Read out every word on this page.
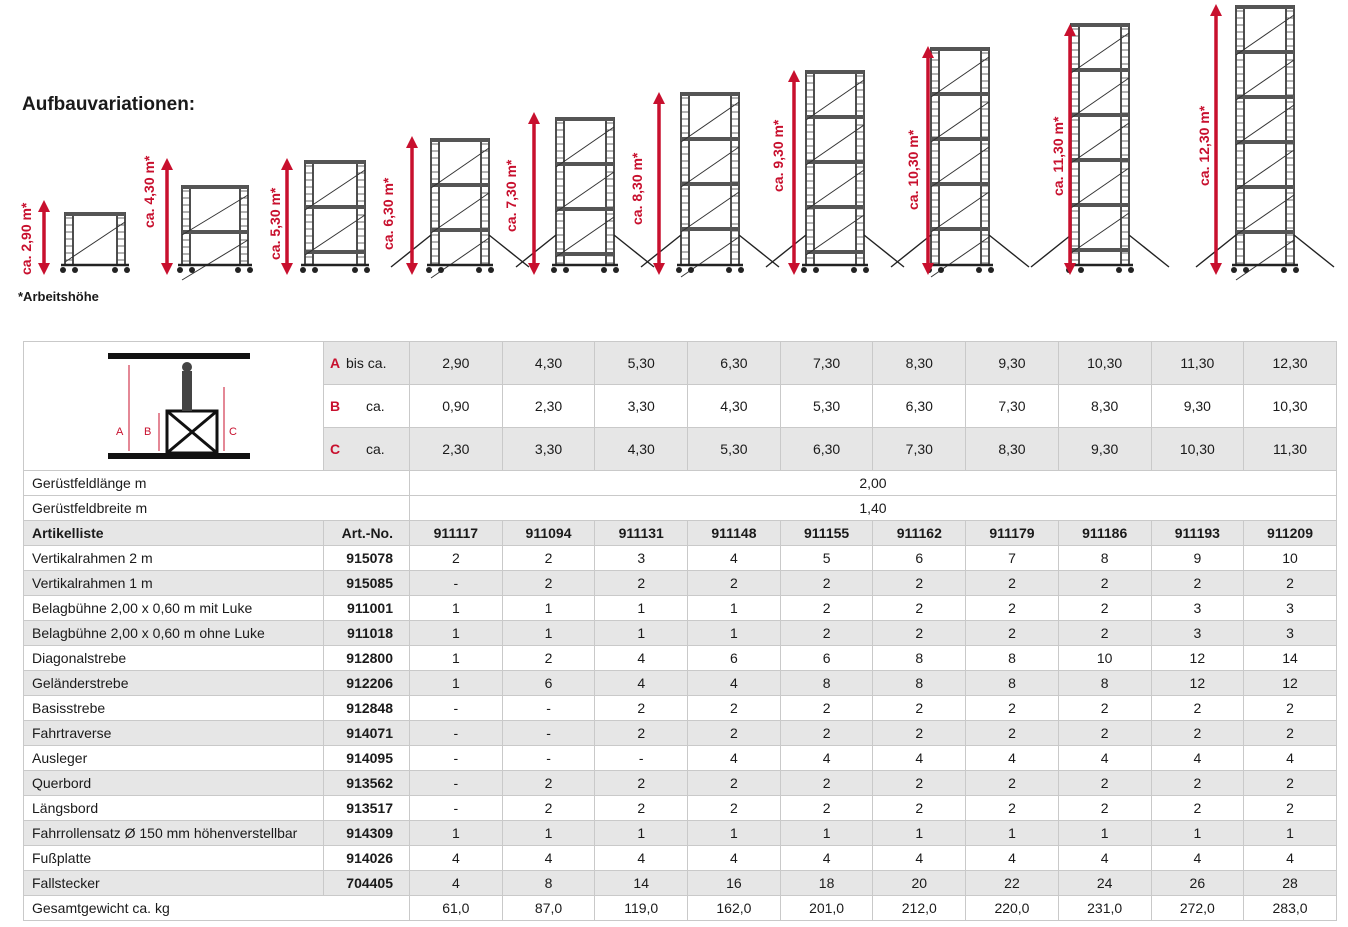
Aufbauvariationen:
ca. 2,90 m*
ca. 4,30 m*	ca. 5,30 m*	ca. 6,30 m*	ca. 7,30 m*	ca. 8,30 m*	ca. 9,30 m*	ca. 10,30 m*	ca. 11,30 m*	ca. 12,30 m*
*Arbeitshöhe
A B C	A bis ca.	2,90	4,30	5,30	6,30	7,30	8,30	9,30	10,30	11,30	12,30
	B ca.	0,90	2,30	3,30	4,30	5,30	6,30	7,30	8,30	9,30	10,30
	C ca.	2,30	3,30	4,30	5,30	6,30	7,30	8,30	9,30	10,30	11,30
Gerüstfeldlänge m		2,00									
Gerüstfeldbreite m		1,40									
Artikelliste	Art.-No.	911117	911094	911131	911148	911155	911162	911179	911186	911193	911209
Vertikalrahmen 2 m	915078	2	2	3	4	5	6	7	8	9	10
Vertikalrahmen 1 m	915085	-	2	2	2	2	2	2	2	2	2
Belagbühne 2,00 x 0,60 m mit Luke	911001	1	1	1	1	2	2	2	2	3	3
Belagbühne 2,00 x 0,60 m ohne Luke	911018	1	1	1	1	2	2	2	2	3	3
Diagonalstrebe	912800	1	2	4	6	6	8	8	10	12	14
Geländerstrebe	912206	1	6	4	4	8	8	8	8	12	12
Basisstrebe	912848	-	-	2	2	2	2	2	2	2	2
Fahrtraverse	914071	-	-	2	2	2	2	2	2	2	2
Ausleger	914095	-	-	-	4	4	4	4	4	4	4
Querbord	913562	-	2	2	2	2	2	2	2	2	2
Längsbord	913517	-	2	2	2	2	2	2	2	2	2
Fahrrollensatz Ø 150 mm höhenverstellbar	914309	1	1	1	1	1	1	1	1	1	1
Fußplatte	914026	4	4	4	4	4	4	4	4	4	4
Fallstecker	704405	4	8	14	16	18	20	22	24	26	28
Gesamtgewicht ca. kg		61,0	87,0	119,0	162,0	201,0	212,0	220,0	231,0	272,0	283,0
